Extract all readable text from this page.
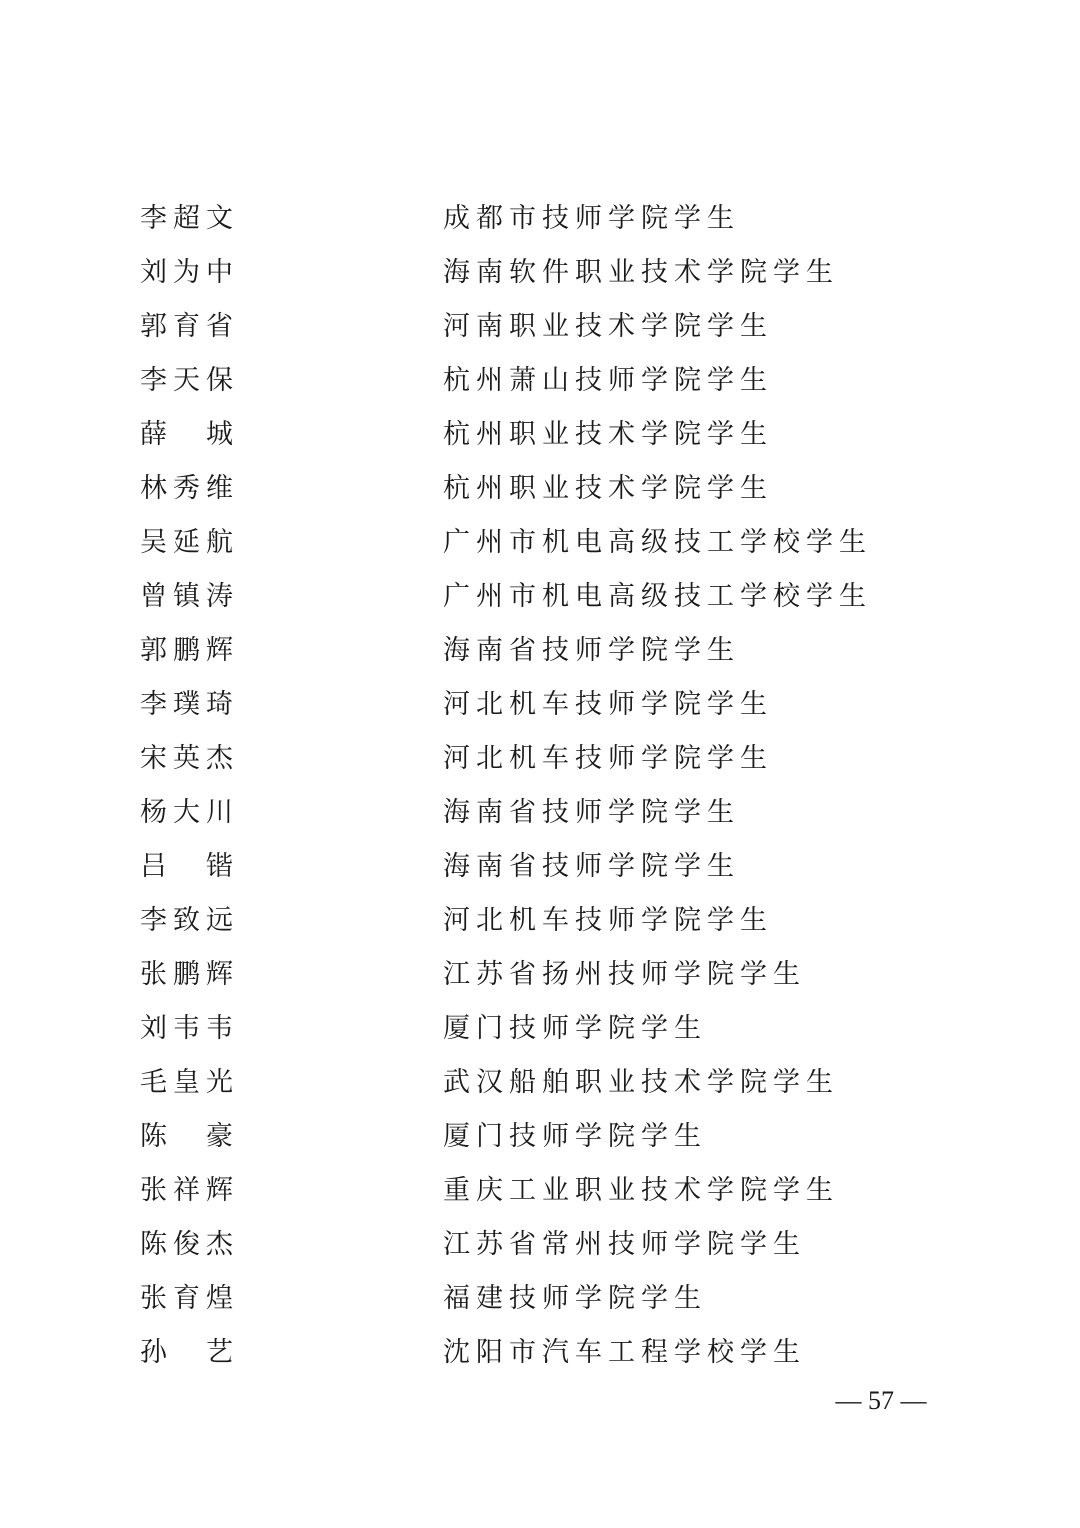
李超文	成都市技师学院学生
刘为中	海南软件职业技术学院学生
郭育省	河南职业技术学院学生
李天保	杭州萧山技师学院学生
薛　城	杭州职业技术学院学生
林秀维	杭州职业技术学院学生
吴延航	广州市机电高级技工学校学生
曾镇涛	广州市机电高级技工学校学生
郭鹏辉	海南省技师学院学生
李璞琦	河北机车技师学院学生
宋英杰	河北机车技师学院学生
杨大川	海南省技师学院学生
吕　锴	海南省技师学院学生
李致远	河北机车技师学院学生
张鹏辉	江苏省扬州技师学院学生
刘韦韦	厦门技师学院学生
毛皇光	武汉船舶职业技术学院学生
陈　豪	厦门技师学院学生
张祥辉	重庆工业职业技术学院学生
陈俊杰	江苏省常州技师学院学生
张育煌	福建技师学院学生
孙　艺	沈阳市汽车工程学校学生
— 57 —
